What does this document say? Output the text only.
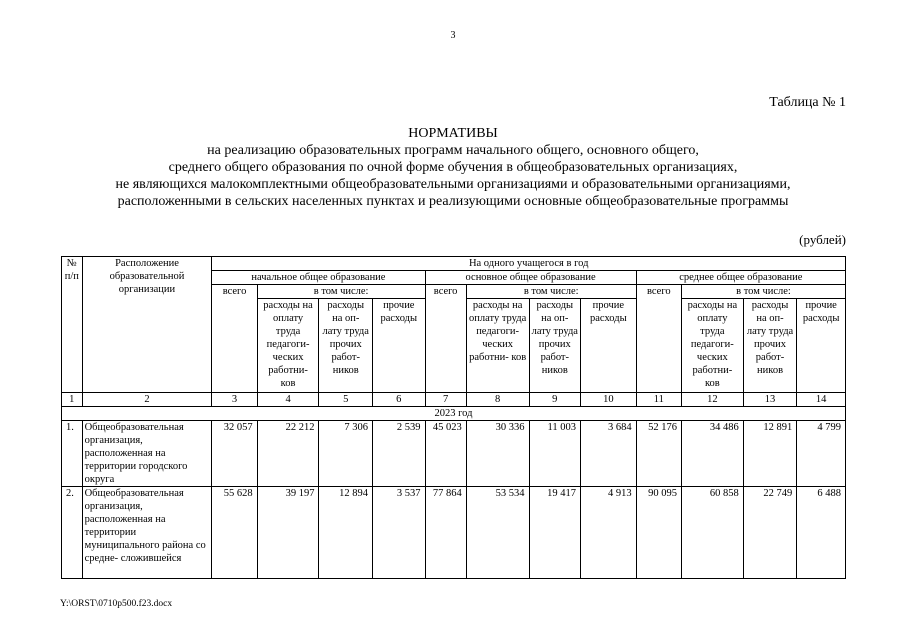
3
Таблица № 1
НОРМАТИВЫ
на реализацию образовательных программ начального общего, основного общего,
среднего общего образования по очной форме обучения в общеобразовательных организациях,
не являющихся малокомплектными общеобразовательными организациями и образовательными организациями,
расположенными в сельских населенных пунктах и реализующими основные общеобразовательные программы
(рублей)
№ п/п	Расположение образовательной организации	На одного учащегося в год											
		начальное общее образование				основное общее образование				среднее общее образование			
		всего	в том числе:			всего	в том числе:			всего	в том числе:		
			расходы на оплату труда педагоги- ческих работни- ков	расходы на оп- лату труда прочих работ- ников	прочие расходы		расходы на оплату труда педагоги- ческих работни- ков	расходы на оп- лату труда прочих работ- ников	прочие расходы		расходы на оплату труда педагоги- ческих работни- ков	расходы на оп- лату труда прочих работ- ников	прочие расходы
1	2	3	4	5	6	7	8	9	10	11	12	13	14
2023 год													
1.	Общеобразовательная организация, расположенная на территории городского округа	32 057	22 212	7 306	2 539	45 023	30 336	11 003	3 684	52 176	34 486	12 891	4 799
2.	Общеобразовательная организация, расположенная на территории муниципального района со средне- сложившейся	55 628	39 197	12 894	3 537	77 864	53 534	19 417	4 913	90 095	60 858	22 749	6 488
Y:\ORST\0710p500.f23.docx
